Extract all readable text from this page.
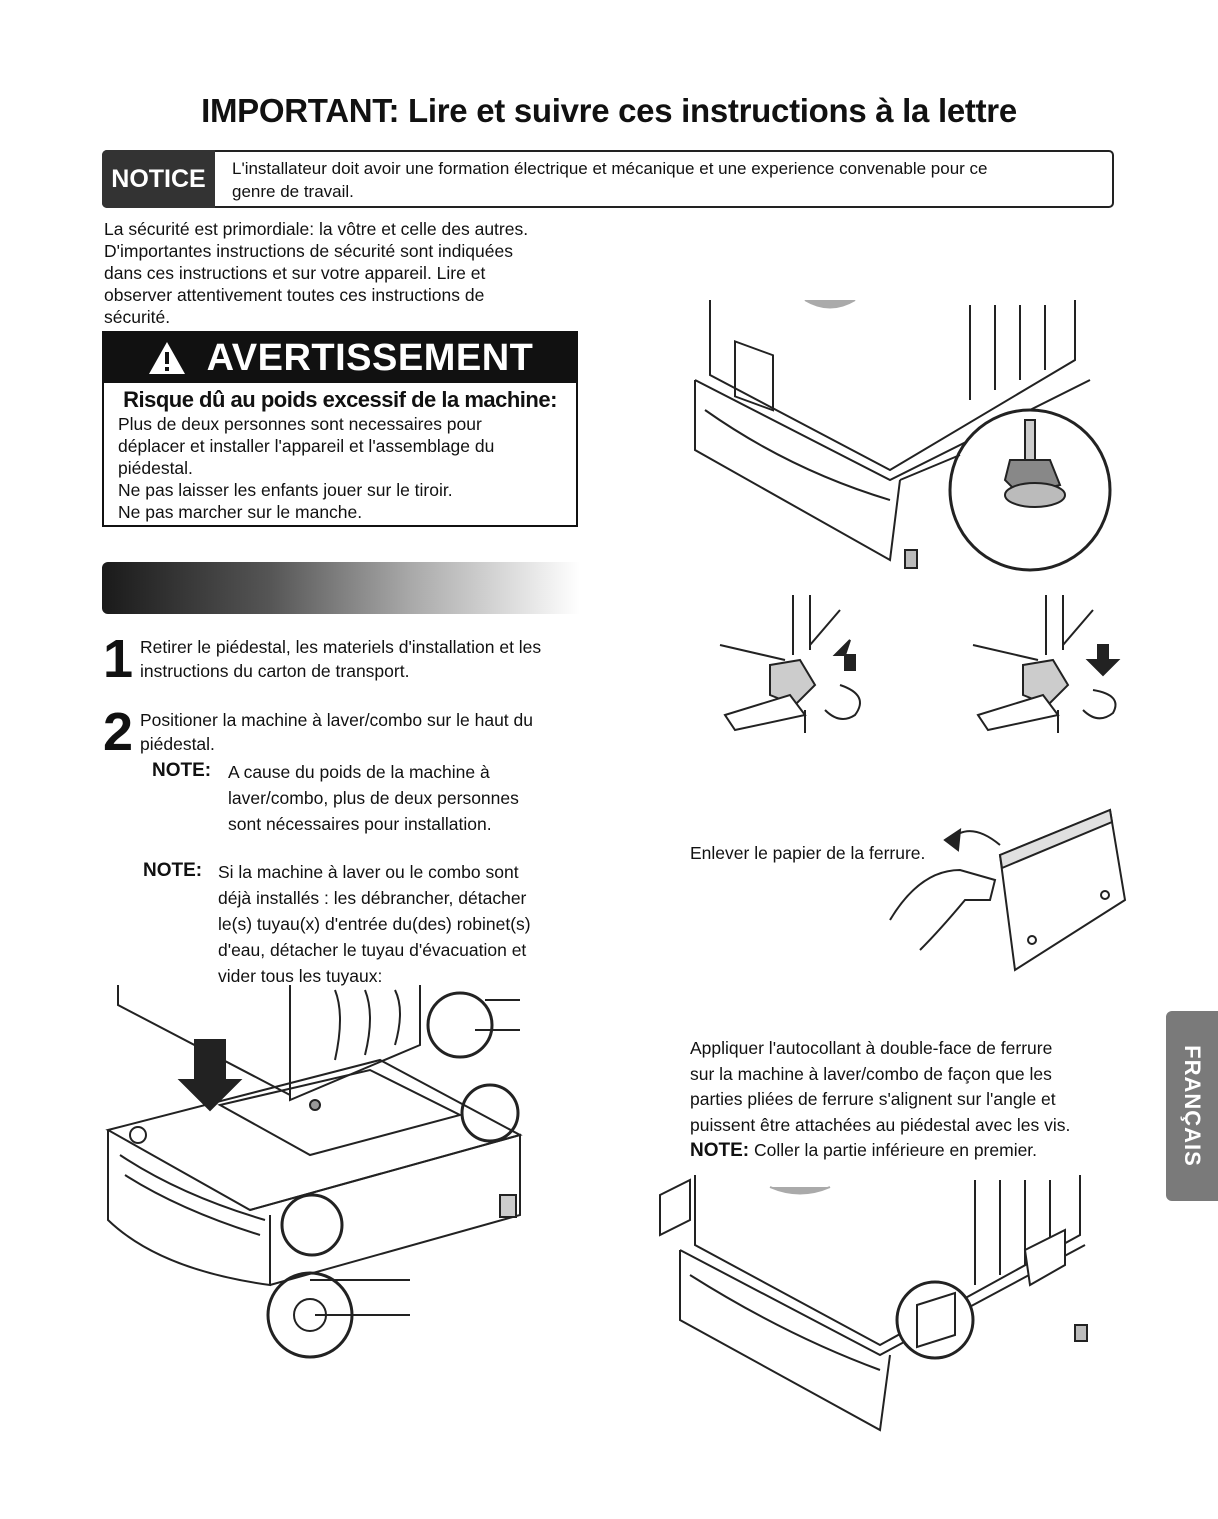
IMPORTANT: Lire et suivre ces instructions à la lettre
NOTICE	L'installateur doit avoir une formation électrique et mécanique et une experience convenable pour ce
genre de travail.
La sécurité est primordiale: la vôtre et celle des autres.
D'importantes instructions de sécurité sont indiquées
dans ces instructions et sur votre appareil. Lire et
observer attentivement toutes ces instructions de
sécurité.
AVERTISSEMENT
Risque dû au poids excessif de la machine:
Plus de deux personnes sont necessaires pour
déplacer et installer l'appareil et l'assemblage du
piédestal.
Ne pas laisser les enfants jouer sur le tiroir.
Ne pas marcher sur le manche.
1 Retirer le piédestal, les materiels d'installation et les
instructions du carton de transport.
2 Positioner la machine à laver/combo sur le haut du
piédestal.
NOTE: A cause du poids de la machine à
laver/combo, plus de deux personnes
sont nécessaires pour installation.
NOTE: Si la machine à laver ou le combo sont
déjà installés : les débrancher, détacher
le(s) tuyau(x) d'entrée du(des) robinet(s)
d'eau, détacher le tuyau d'évacuation et
vider tous les tuyaux:
Enlever le papier de la ferrure.
Appliquer l'autocollant à double-face de ferrure
sur la machine à laver/combo de façon que les
parties pliées de ferrure s'alignent sur l'angle et
puissent être attachées au piédestal avec les vis.
NOTE: Coller la partie inférieure en premier.	FRANÇAIS
